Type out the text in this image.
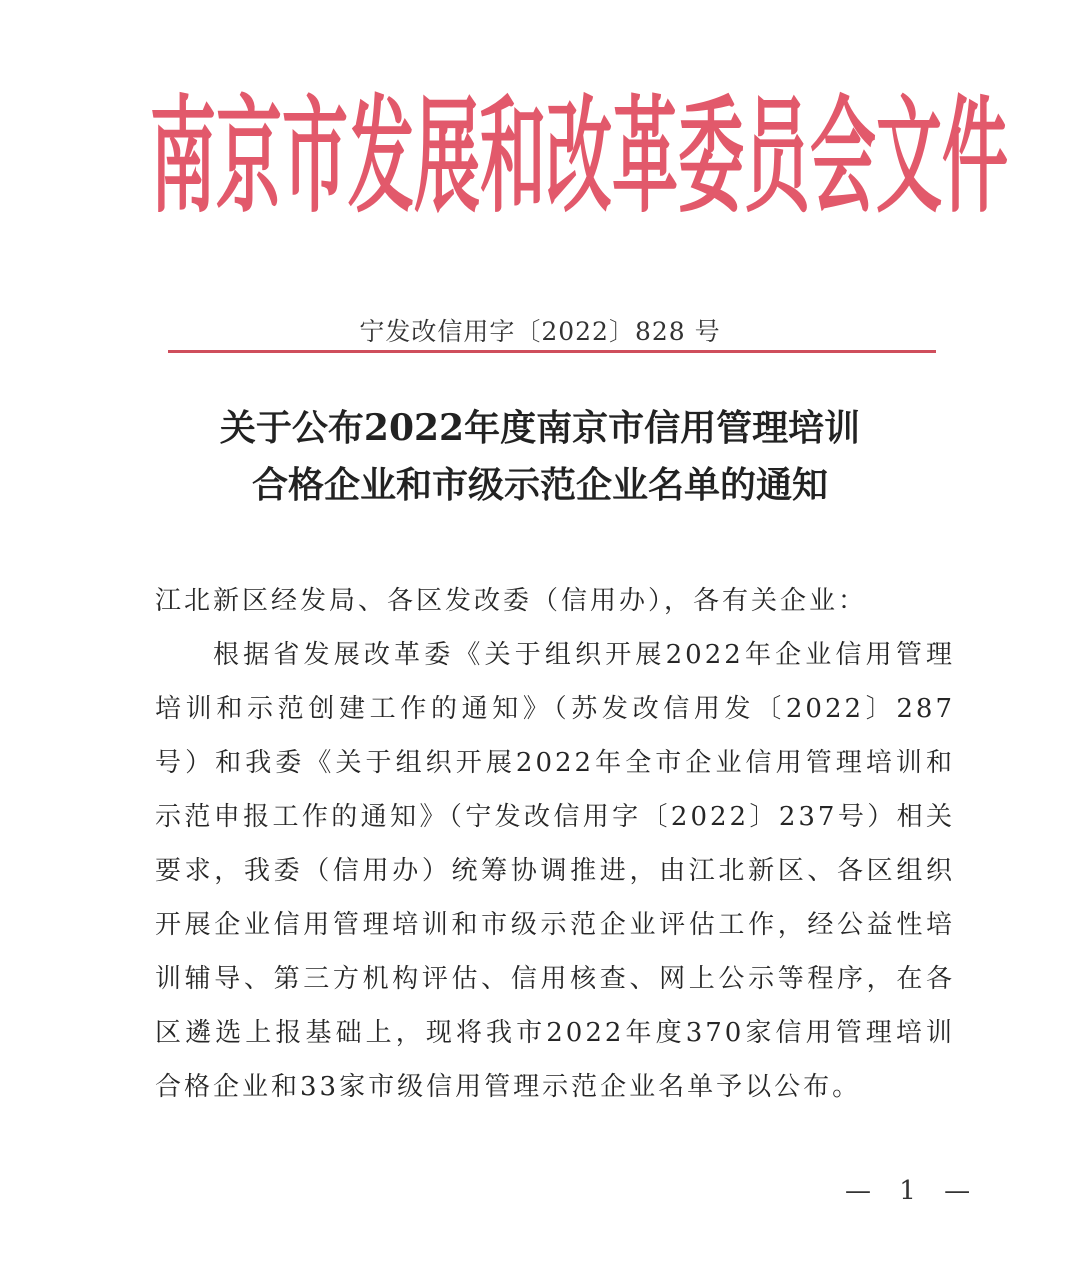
南 京 市 发 展 和 改 革 委 员 会 文 件
宁发改信用字〔2022〕828 号
关于公布2022年度南京市信用管理培训
合格企业和市级示范企业名单的通知

江北新区经发局、各区发改委（信用办），各有关企业：

根据省发展改革委《关于组织开展2022年企业信用管理培训和示范创建工作的通知》（苏发改信用发〔2022〕287号）和我委《关于组织开展2022年全市企业信用管理培训和示范申报工作的通知》（宁发改信用字〔2022〕237号）相关要求，我委（信用办）统筹协调推进，由江北新区、各区组织开展企业信用管理培训和市级示范企业评估工作，经公益性培训辅导、第三方机构评估、信用核查、网上公示等程序，在各区遴选上报基础上，现将我市2022年度370家信用管理培训合格企业和33家市级信用管理示范企业名单予以公布。

— 1 —
